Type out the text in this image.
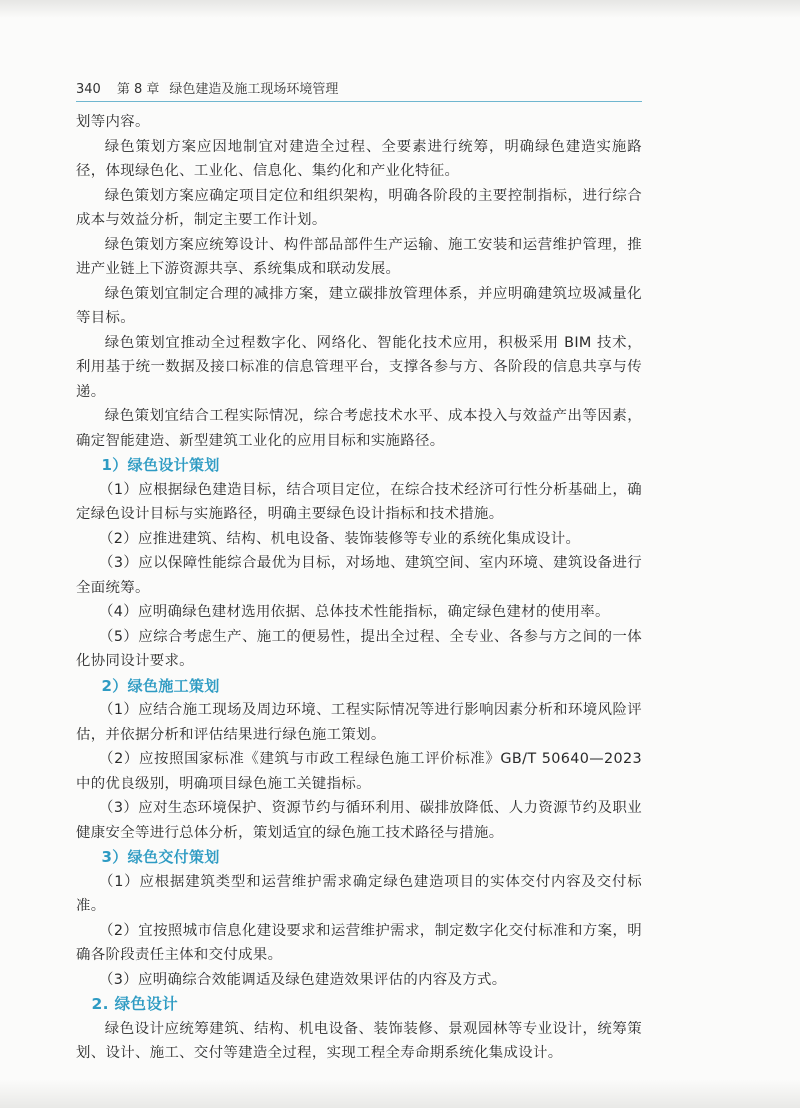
340 第 8 章 绿色建造及施工现场环境管理

划等内容。

绿色策划方案应因地制宜对建造全过程、全要素进行统筹，明确绿色建造实施路径，体现绿色化、工业化、信息化、集约化和产业化特征。

绿色策划方案应确定项目定位和组织架构，明确各阶段的主要控制指标，进行综合成本与效益分析，制定主要工作计划。

绿色策划方案应统筹设计、构件部品部件生产运输、施工安装和运营维护管理，推进产业链上下游资源共享、系统集成和联动发展。

绿色策划宜制定合理的减排方案，建立碳排放管理体系，并应明确建筑垃圾减量化等目标。

绿色策划宜推动全过程数字化、网络化、智能化技术应用，积极采用 BIM 技术，利用基于统一数据及接口标准的信息管理平台，支撑各参与方、各阶段的信息共享与传递。

绿色策划宜结合工程实际情况，综合考虑技术水平、成本投入与效益产出等因素，确定智能建造、新型建筑工业化的应用目标和实施路径。

1）绿色设计策划

（1）应根据绿色建造目标，结合项目定位，在综合技术经济可行性分析基础上，确定绿色设计目标与实施路径，明确主要绿色设计指标和技术措施。

（2）应推进建筑、结构、机电设备、装饰装修等专业的系统化集成设计。

（3）应以保障性能综合最优为目标，对场地、建筑空间、室内环境、建筑设备进行全面统筹。

（4）应明确绿色建材选用依据、总体技术性能指标，确定绿色建材的使用率。

（5）应综合考虑生产、施工的便易性，提出全过程、全专业、各参与方之间的一体化协同设计要求。

2）绿色施工策划

（1）应结合施工现场及周边环境、工程实际情况等进行影响因素分析和环境风险评估，并依据分析和评估结果进行绿色施工策划。

（2）应按照国家标准《建筑与市政工程绿色施工评价标准》GB/T 50640—2023 中的优良级别，明确项目绿色施工关键指标。

（3）应对生态环境保护、资源节约与循环利用、碳排放降低、人力资源节约及职业健康安全等进行总体分析，策划适宜的绿色施工技术路径与措施。

3）绿色交付策划

（1）应根据建筑类型和运营维护需求确定绿色建造项目的实体交付内容及交付标准。

（2）宜按照城市信息化建设要求和运营维护需求，制定数字化交付标准和方案，明确各阶段责任主体和交付成果。

（3）应明确综合效能调适及绿色建造效果评估的内容及方式。

2. 绿色设计

绿色设计应统筹建筑、结构、机电设备、装饰装修、景观园林等专业设计，统筹策划、设计、施工、交付等建造全过程，实现工程全寿命期系统化集成设计。
